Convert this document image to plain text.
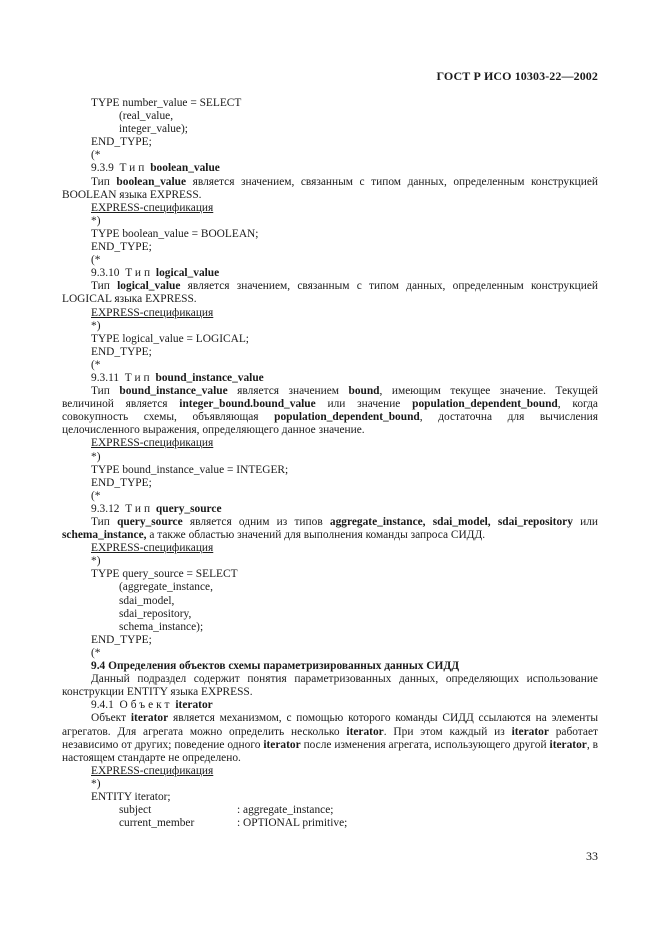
ГОСТ Р ИСО 10303-22—2002
TYPE number_value = SELECT
(real_value,
integer_value);
END_TYPE;
(*
9.3.9 Тип boolean_value
Тип boolean_value является значением, связанным с типом данных, определенным конструкцией BOOLEAN языка EXPRESS.
EXPRESS-спецификация
*)
TYPE boolean_value = BOOLEAN;
END_TYPE;
(*
9.3.10 Тип logical_value
Тип logical_value является значением, связанным с типом данных, определенным конструкцией LOGICAL языка EXPRESS.
EXPRESS-спецификация
*)
TYPE logical_value = LOGICAL;
END_TYPE;
(*
9.3.11 Тип bound_instance_value
Тип bound_instance_value является значением bound, имеющим текущее значение. Текущей величиной является integer_bound.bound_value или значение population_dependent_bound, когда совокупность схемы, объявляющая population_dependent_bound, достаточна для вычисления целочисленного выражения, определяющего данное значение.
EXPRESS-спецификация
*)
TYPE bound_instance_value = INTEGER;
END_TYPE;
(*
9.3.12 Тип query_source
Тип query_source является одним из типов aggregate_instance, sdai_model, sdai_repository или schema_instance, а также областью значений для выполнения команды запроса СИДД.
EXPRESS-спецификация
*)
TYPE query_source = SELECT
(aggregate_instance,
sdai_model,
sdai_repository,
schema_instance);
END_TYPE;
(*
9.4 Определения объектов схемы параметризированных данных СИДД
Данный подраздел содержит понятия параметризованных данных, определяющих использование конструкции ENTITY языка EXPRESS.
9.4.1 Объект iterator
Объект iterator является механизмом, с помощью которого команды СИДД ссылаются на элементы агрегатов. Для агрегата можно определить несколько iterator. При этом каждый из iterator работает независимо от других; поведение одного iterator после изменения агрегата, использующего другой iterator, в настоящем стандарте не определено.
EXPRESS-спецификация
*)
ENTITY iterator;
subject	: aggregate_instance;
current_member	: OPTIONAL primitive;
33
